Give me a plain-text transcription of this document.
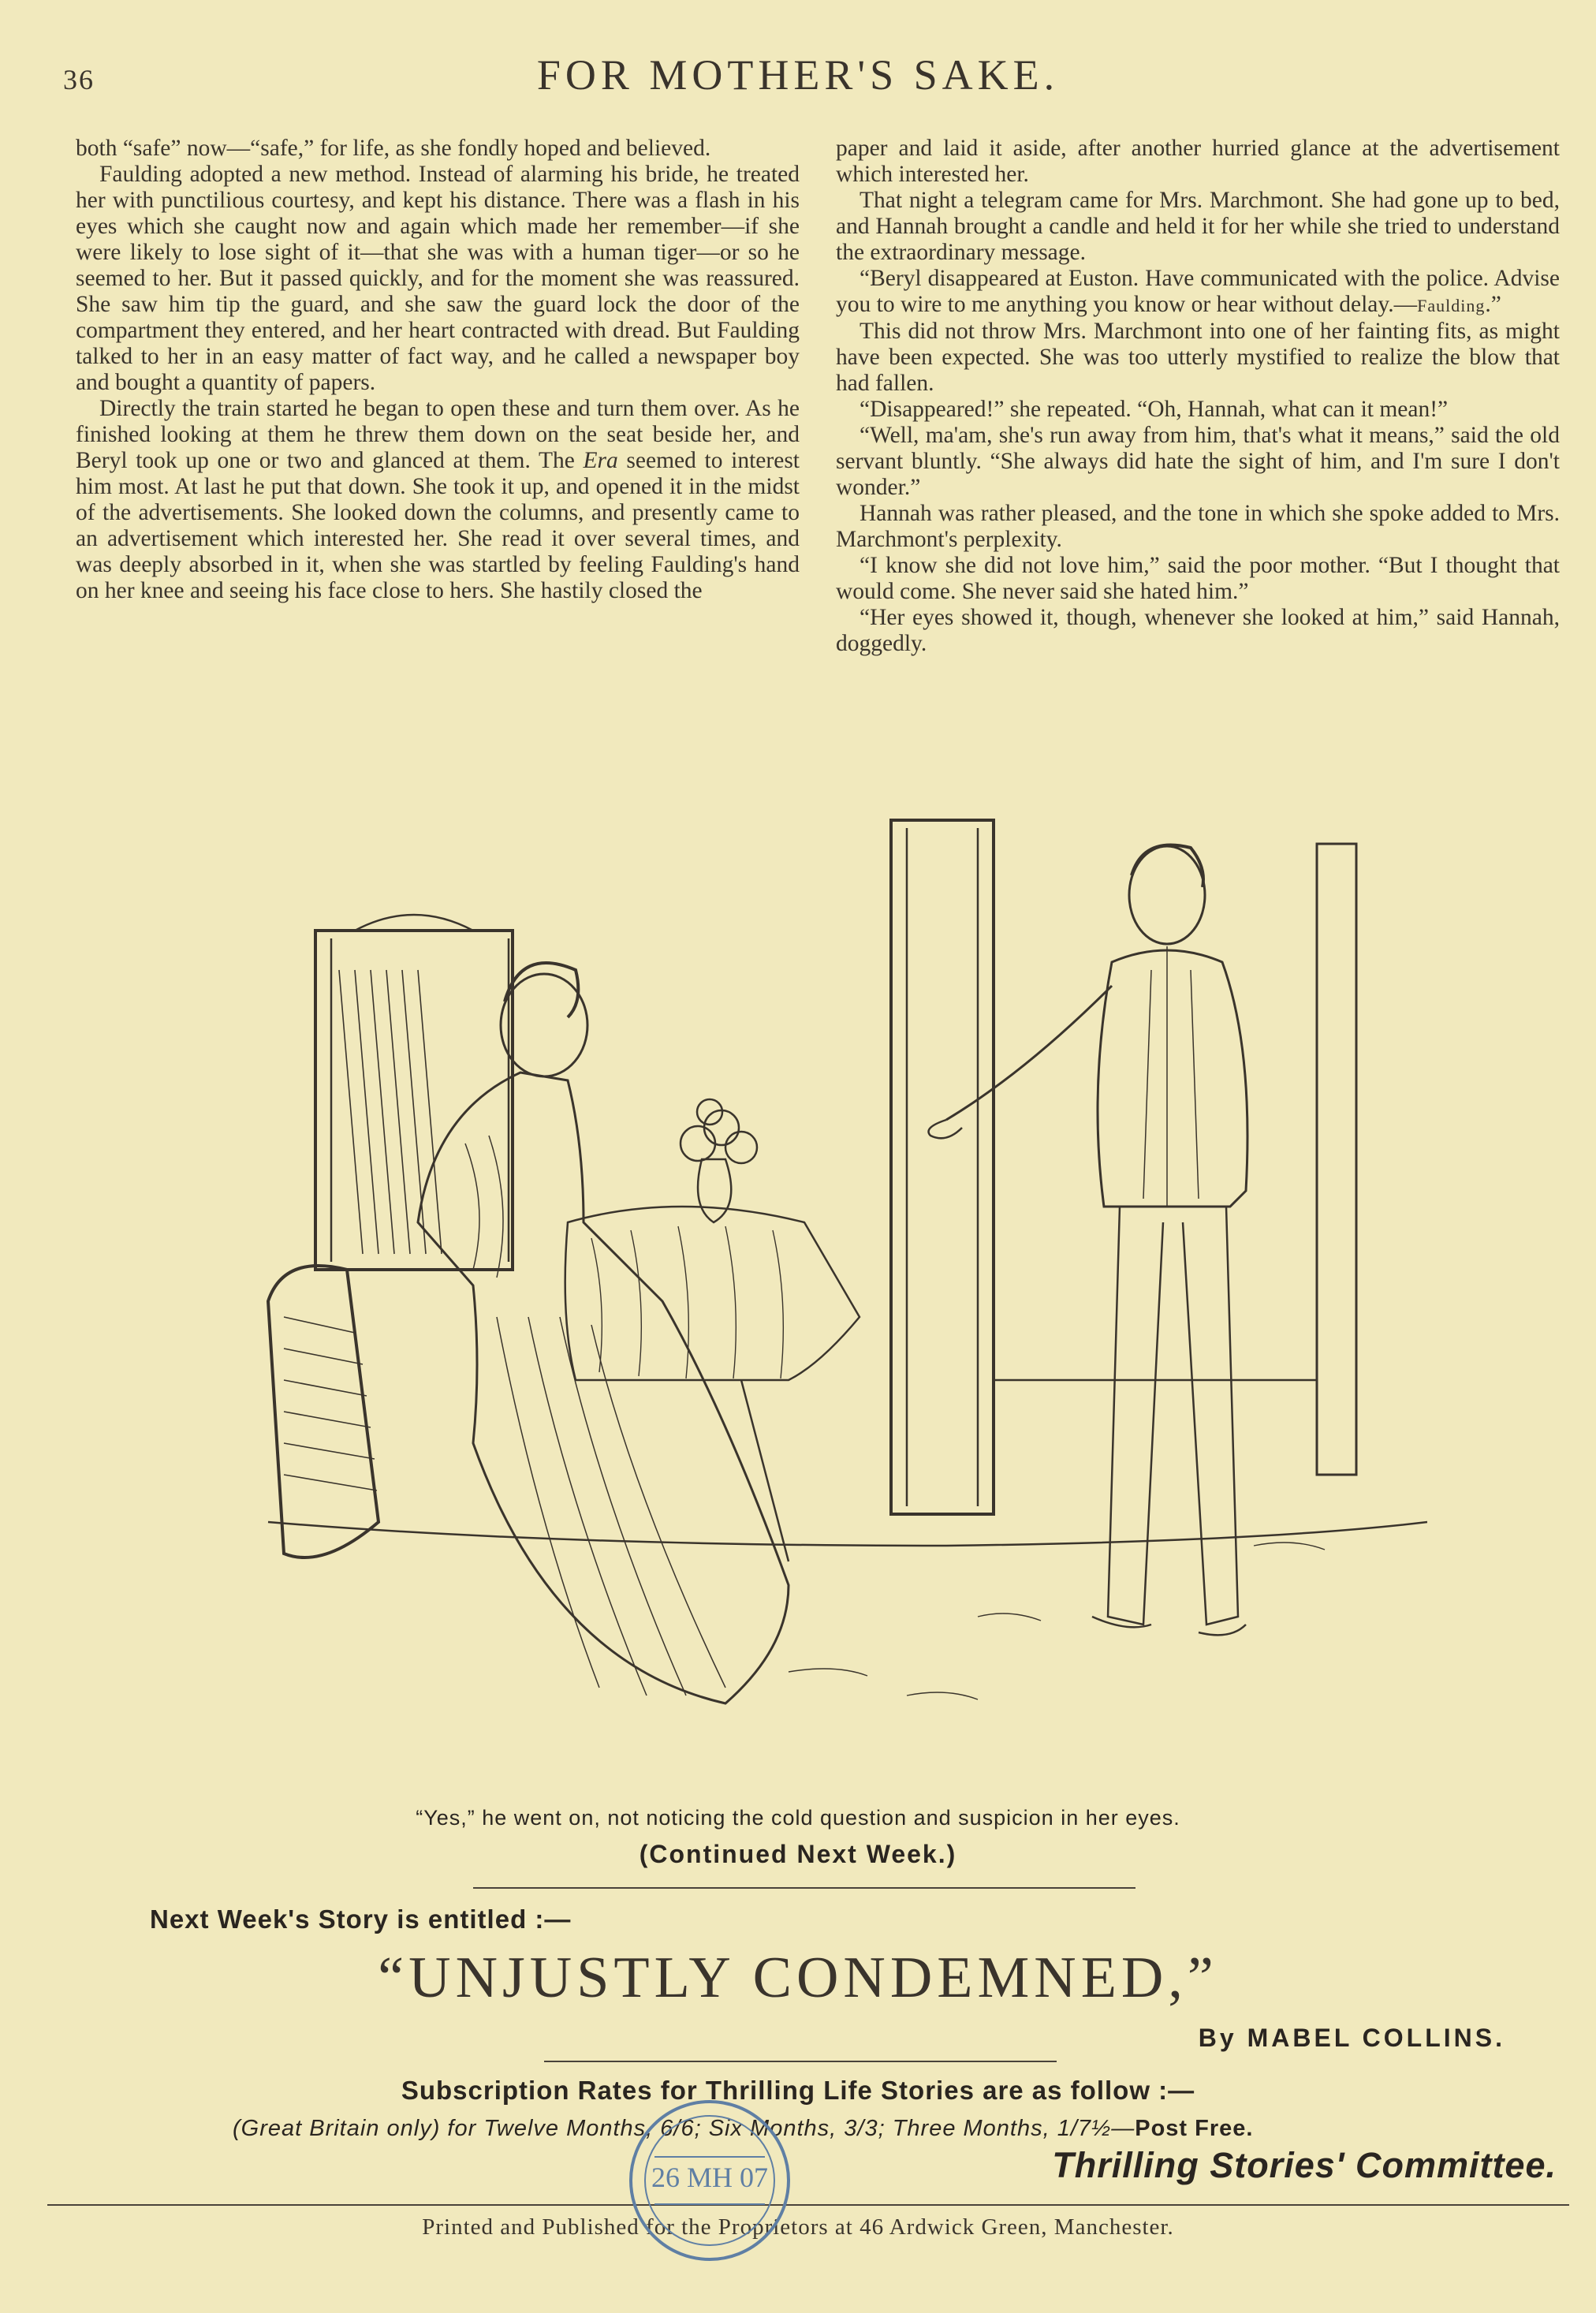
36	FOR MOTHER'S SAKE.

both “safe” now—“safe,” for life, as she fondly hoped and believed.

Faulding adopted a new method. Instead of alarming his bride, he treated her with punctilious courtesy, and kept his distance. There was a flash in his eyes which she caught now and again which made her remember—if she were likely to lose sight of it—that she was with a human tiger—or so he seemed to her. But it passed quickly, and for the moment she was reassured. She saw him tip the guard, and she saw the guard lock the door of the compartment they entered, and her heart contracted with dread. But Faulding talked to her in an easy matter of fact way, and he called a newspaper boy and bought a quantity of papers.

Directly the train started he began to open these and turn them over. As he finished looking at them he threw them down on the seat beside her, and Beryl took up one or two and glanced at them. The Era seemed to interest him most. At last he put that down. She took it up, and opened it in the midst of the advertisements. She looked down the columns, and presently came to an advertisement which interested her. She read it over several times, and was deeply absorbed in it, when she was startled by feeling Faulding's hand on her knee and seeing his face close to hers. She hastily closed the

paper and laid it aside, after another hurried glance at the advertisement which interested her.

That night a telegram came for Mrs. Marchmont. She had gone up to bed, and Hannah brought a candle and held it for her while she tried to understand the extraordinary message.

“Beryl disappeared at Euston. Have communicated with the police. Advise you to wire to me anything you know or hear without delay.—Faulding.”

This did not throw Mrs. Marchmont into one of her fainting fits, as might have been expected. She was too utterly mystified to realize the blow that had fallen.

“Disappeared!” she repeated. “Oh, Hannah, what can it mean!”

“Well, ma'am, she's run away from him, that's what it means,” said the old servant bluntly. “She always did hate the sight of him, and I'm sure I don't wonder.”

Hannah was rather pleased, and the tone in which she spoke added to Mrs. Marchmont's perplexity.

“I know she did not love him,” said the poor mother. “But I thought that would come. She never said she hated him.”

“Her eyes showed it, though, whenever she looked at him,” said Hannah, doggedly.

“Yes,” he went on, not noticing the cold question and suspicion in her eyes.
(Continued Next Week.)
Next Week's Story is entitled :—
“UNJUSTLY CONDEMNED,”
By MABEL COLLINS.
Subscription Rates for Thrilling Life Stories are as follow :—
(Great Britain only) for Twelve Months, 6/6; Six Months, 3/3; Three Months, 1/7½—Post Free.
Thrilling Stories' Committee.
Printed and Published for the Proprietors at 46 Ardwick Green, Manchester.
26 MH 07
